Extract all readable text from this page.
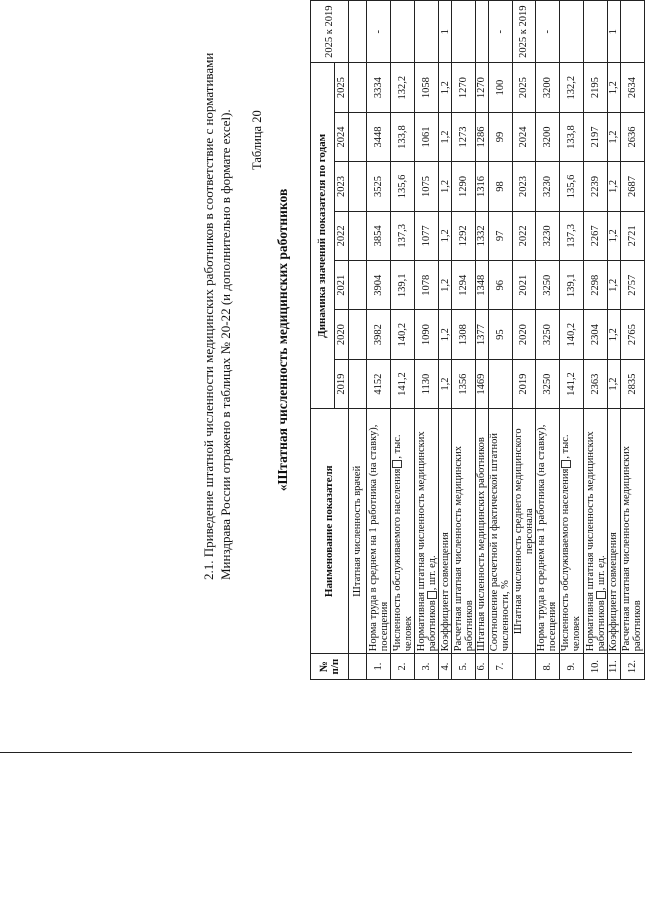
2.1. Приведение штатной численности медицинских работников в соответствие с нормативами Минздрава России отражено в таблицах № 20-22 (и дополнительно в формате excel). Таблица 20
«Штатная численность медицинских работников
№ п/п	Наименование показателя	Динамика значений показателя по годам							2025 к 2019
		2019	2020	2021	2022	2023	2024	2025	
	Штатная численность врачей								
1.	Норма труда в среднем на 1 работника (на ставку), посещения	4152	3982	3904	3854	3525	3448	3334	-
2.	Численность обслуживаемого населения, тыс. человек	141,2	140,2	139,1	137,3	135,6	133,8	132,2	
3.	Нормативная штатная численность медицинских работников, шт. ед.	1130	1090	1078	1077	1075	1061	1058	
4.	Коэффициент совмещения	1,2	1,2	1,2	1,2	1,2	1,2	1,2	1
5.	Расчетная штатная численность медицинских работников	1356	1308	1294	1292	1290	1273	1270	
6.	Штатная численность медицинских работников	1469	1377	1348	1332	1316	1286	1270	
7.	Соотношение расчетной и фактической штатной численности, %		95	96	97	98	99	100	-
	Штатная численность среднего медицинского персонала	2019	2020	2021	2022	2023	2024	2025	2025 к 2019
8.	Норма труда в среднем на 1 работника (на ставку), посещения	3250	3250	3250	3230	3230	3200	3200	-
9.	Численность обслуживаемого населения, тыс. человек	141,2	140,2	139,1	137,3	135,6	133,8	132,2	
10.	Нормативная штатная численность медицинских работников, шт. ед.	2363	2304	2298	2267	2239	2197	2195	
11.	Коэффициент совмещения	1,2	1,2	1,2	1,2	1,2	1,2	1,2	1
12.	Расчетная штатная численность медицинских работников	2835	2765	2757	2721	2687	2636	2634	
